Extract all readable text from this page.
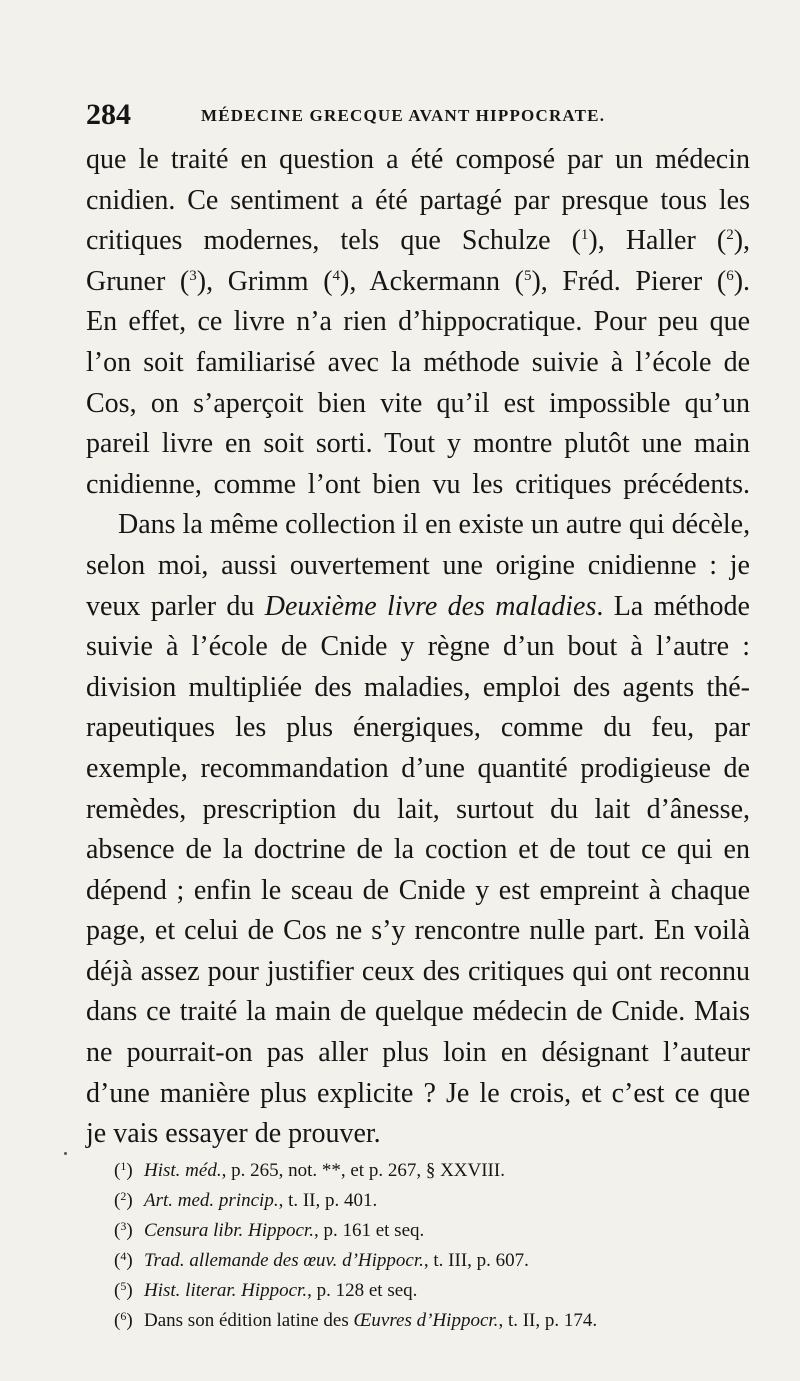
284	MÉDECINE GRECQUE AVANT HIPPOCRATE.
que le traité en question a été composé par un médecin
cnidien. Ce sentiment a été partagé par presque tous les
critiques modernes, tels que Schulze ($^1$), Haller ($^2$),
Gruner ($^3$), Grimm ($^4$), Ackermann ($^5$), Fréd. Pierer ($^6$).
En effet, ce livre n’a rien d’hippocratique. Pour peu que
l’on soit familiarisé avec la méthode suivie à l’école de
Cos, on s’aperçoit bien vite qu’il est impossible qu’un
pareil livre en soit sorti. Tout y montre plutôt une main
cnidienne, comme l’ont bien vu les critiques précédents.
Dans la même collection il en existe un autre qui décèle,
selon moi, aussi ouvertement une origine cnidienne : je
veux parler du Deuxième livre des maladies. La méthode
suivie à l’école de Cnide y règne d’un bout à l’autre :
division multipliée des maladies, emploi des agents thé-
rapeutiques les plus énergiques, comme du feu, par
exemple, recommandation d’une quantité prodigieuse de
remèdes, prescription du lait, surtout du lait d’ânesse,
absence de la doctrine de la coction et de tout ce qui en
dépend ; enfin le sceau de Cnide y est empreint à chaque
page, et celui de Cos ne s’y rencontre nulle part. En voilà
déjà assez pour justifier ceux des critiques qui ont reconnu
dans ce traité la main de quelque médecin de Cnide. Mais
ne pourrait-on pas aller plus loin en désignant l’auteur
d’une manière plus explicite ? Je le crois, et c’est ce que
je vais essayer de prouver.
($^1$) Hist. méd., p. 265, not. **, et p. 267, § XXVIII.
($^2$) Art. med. princip., t. II, p. 401.
($^3$) Censura libr. Hippocr., p. 161 et seq.
($^4$) Trad. allemande des œuv. d’Hippocr., t. III, p. 607.
($^5$) Hist. literar. Hippocr., p. 128 et seq.
($^6$) Dans son édition latine des Œuvres d’Hippocr., t. II, p. 174.
